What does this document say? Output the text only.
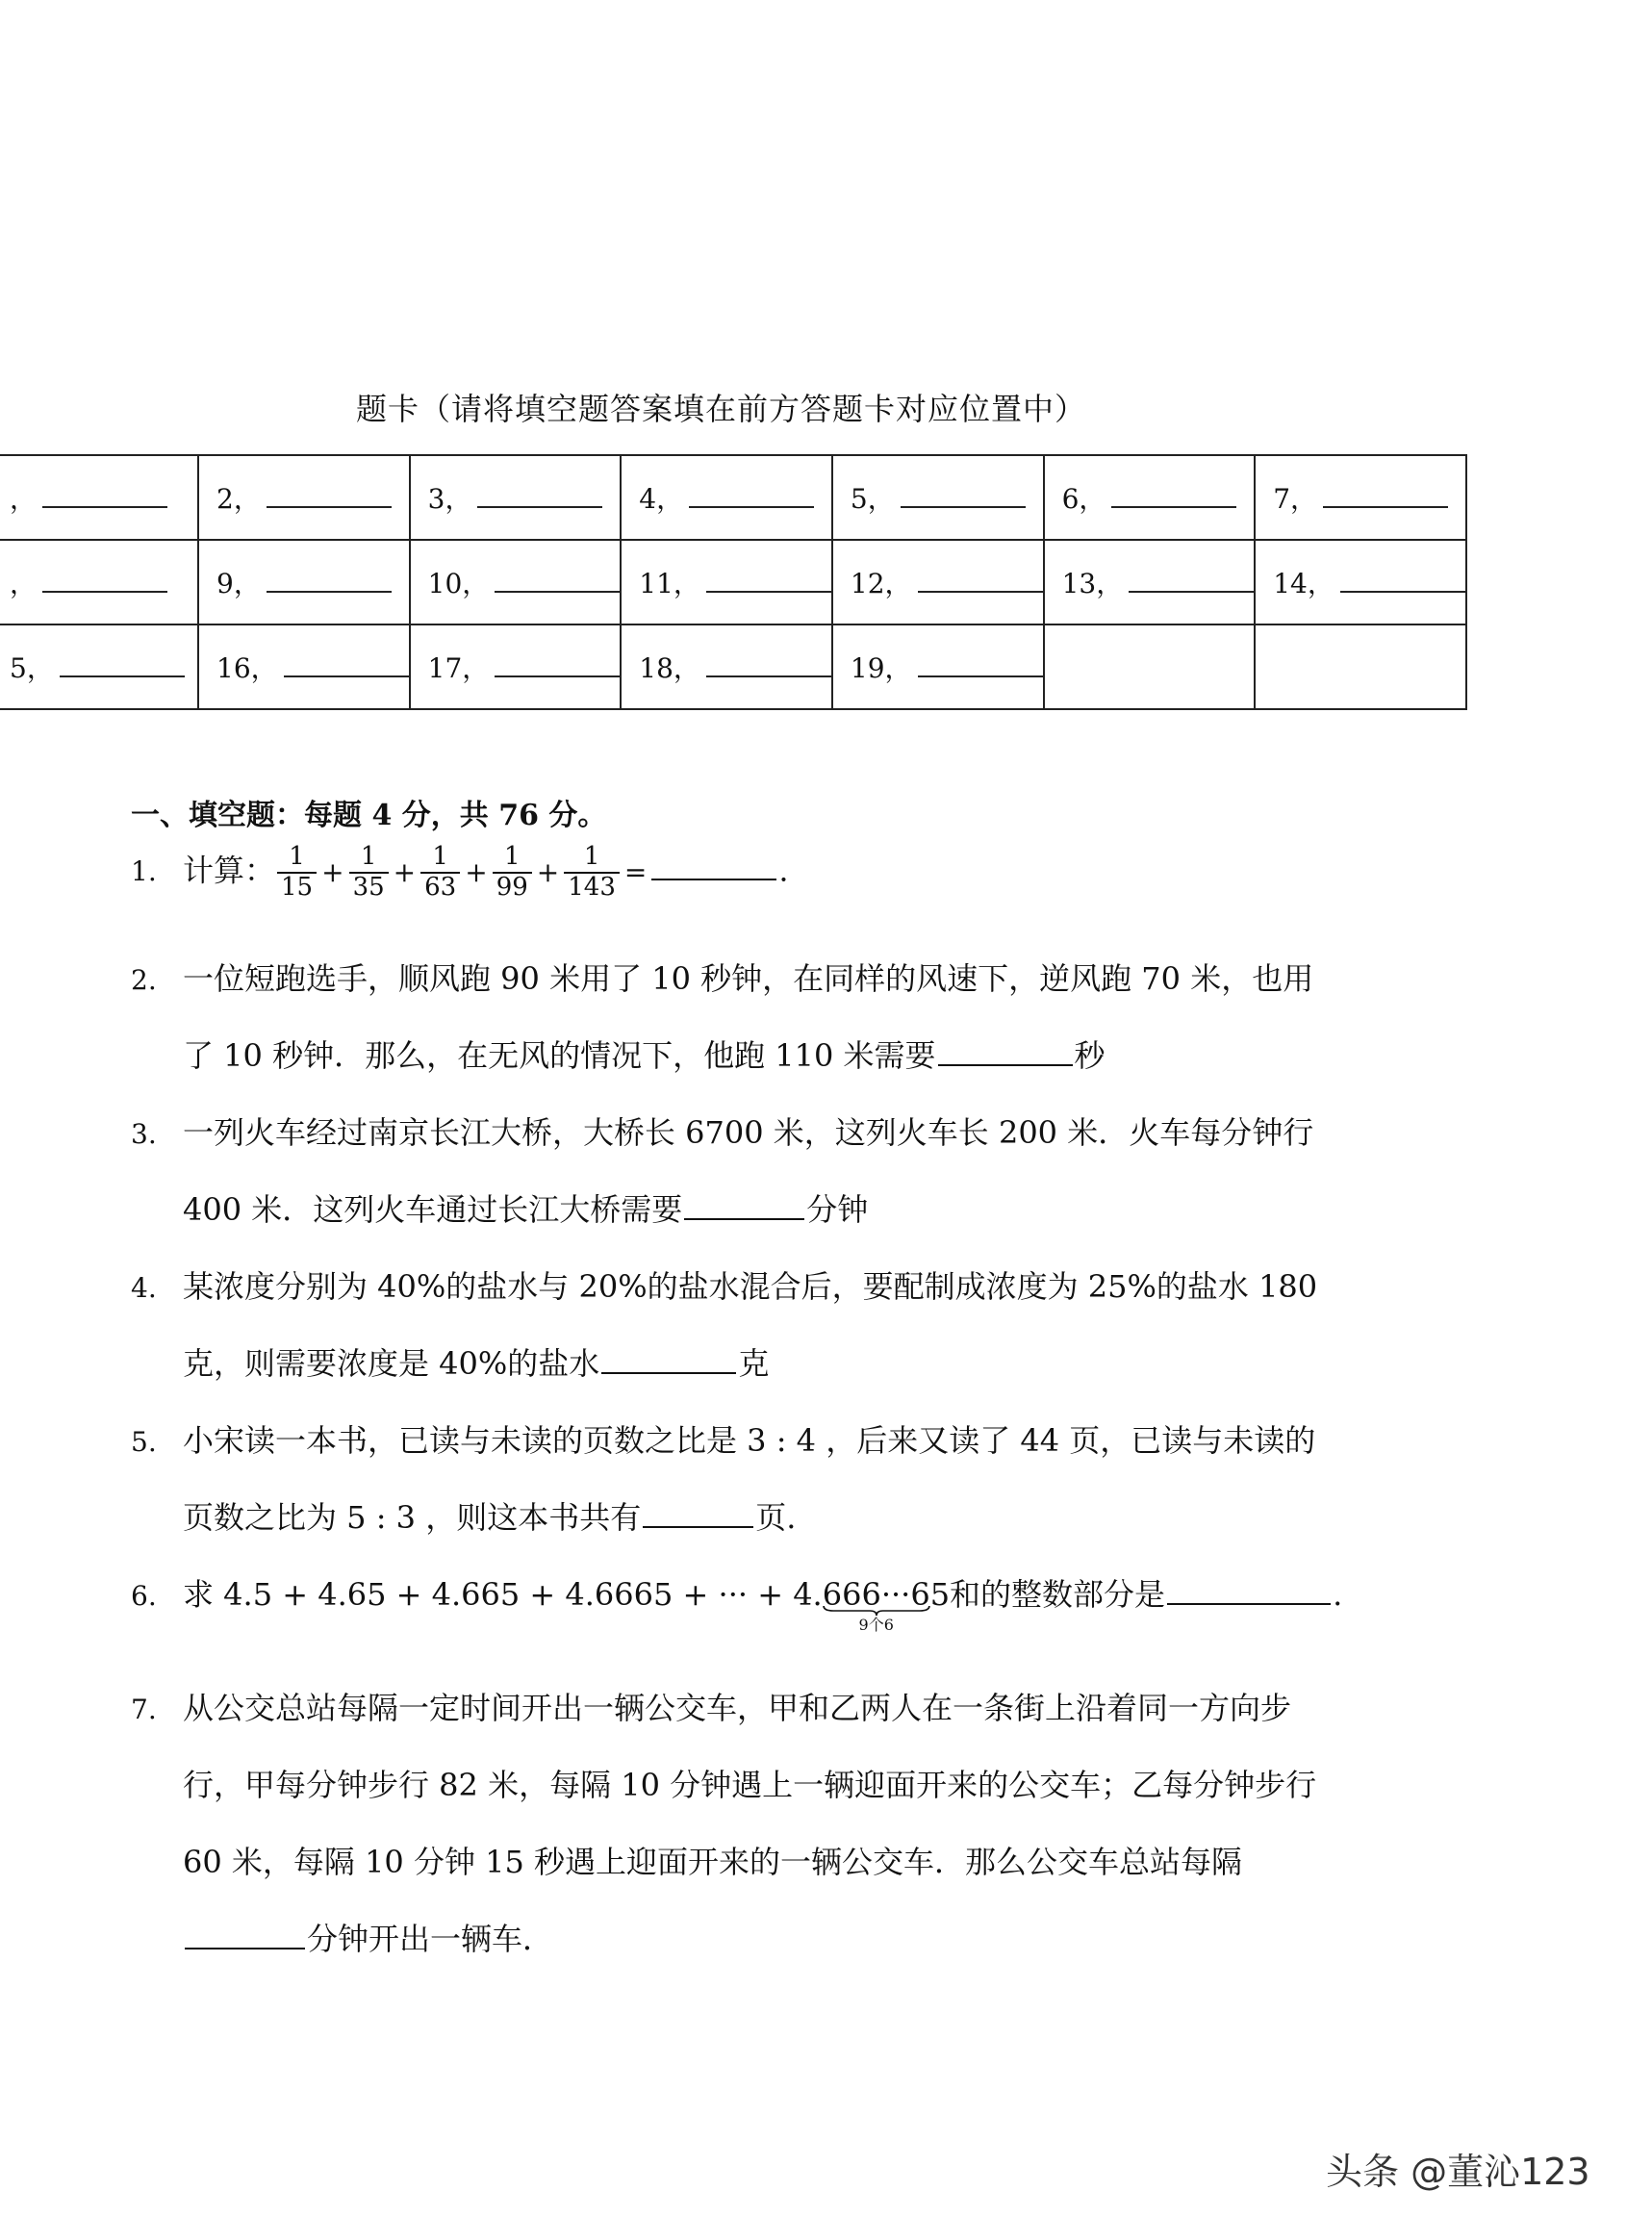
题卡（请将填空题答案填在前方答题卡对应位置中）
，	2，	3，	4，	5，	6，	7，
，	9，	10，	11，	12，	13，	14，
5，	16，	17，	18，	19，		
一、填空题：每题 4 分，共 76 分。
1. 计算： $\frac{1}{15} + \frac{1}{35} + \frac{1}{63} + \frac{1}{99} + \frac{1}{143}$ =	.
2. 一位短跑选手，顺风跑 90 米用了 10 秒钟，在同样的风速下，逆风跑 70 米，也用
了 10 秒钟．那么，在无风的情况下，他跑 110 米需要	秒
3. 一列火车经过南京长江大桥，大桥长 6700 米，这列火车长 200 米．火车每分钟行
400 米．这列火车通过长江大桥需要	分钟
4. 某浓度分别为 40%的盐水与 20%的盐水混合后，要配制成浓度为 25%的盐水 180
克，则需要浓度是 40%的盐水	克
5. 小宋读一本书，已读与未读的页数之比是 3 : 4 ，后来又读了 44 页，已读与未读的
页数之比为 5 : 3 ，则这本书共有	页.
6. 求 4.5 + 4.65 + 4.665 + 4.6665 + ··· + 4.666···6
9个6
5和的整数部分是	.
7. 从公交总站每隔一定时间开出一辆公交车，甲和乙两人在一条街上沿着同一方向步
行，甲每分钟步行 82 米，每隔 10 分钟遇上一辆迎面开来的公交车；乙每分钟步行
60 米，每隔 10 分钟 15 秒遇上迎面开来的一辆公交车．那么公交车总站每隔
分钟开出一辆车．
头条 @董沁123
